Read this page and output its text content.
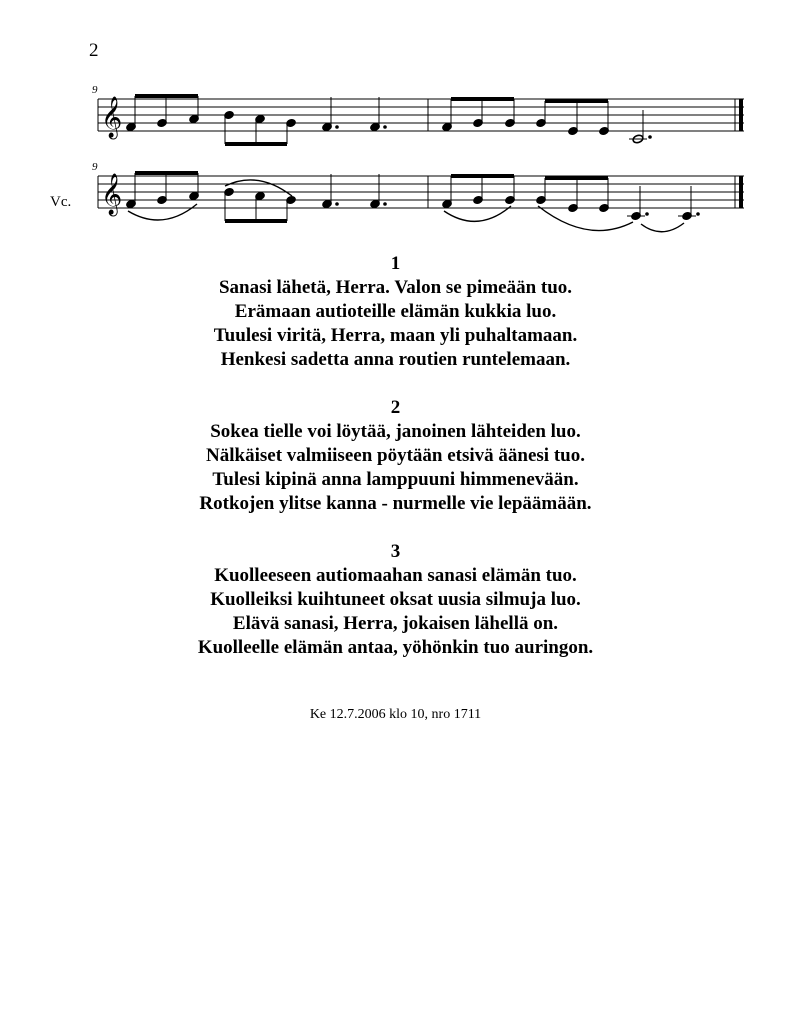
2
9
𝄞
9
Vc. 𝄞

1

Sanasi lähetä, Herra. Valon se pimeään tuo.

Erämaan autioteille elämän kukkia luo.

Tuulesi viritä, Herra, maan yli puhaltamaan.

Henkesi sadetta anna routien runtelemaan.

2

Sokea tielle voi löytää, janoinen lähteiden luo.

Nälkäiset valmiiseen pöytään etsivä äänesi tuo.

Tulesi kipinä anna lamppuuni himmenevään.

Rotkojen ylitse kanna - nurmelle vie lepäämään.

3

Kuolleeseen autiomaahan sanasi elämän tuo.

Kuolleiksi kuihtuneet oksat uusia silmuja luo.

Elävä sanasi, Herra, jokaisen lähellä on.

Kuolleelle elämän antaa, yöhönkin tuo auringon.

Ke 12.7.2006 klo 10, nro 1711
